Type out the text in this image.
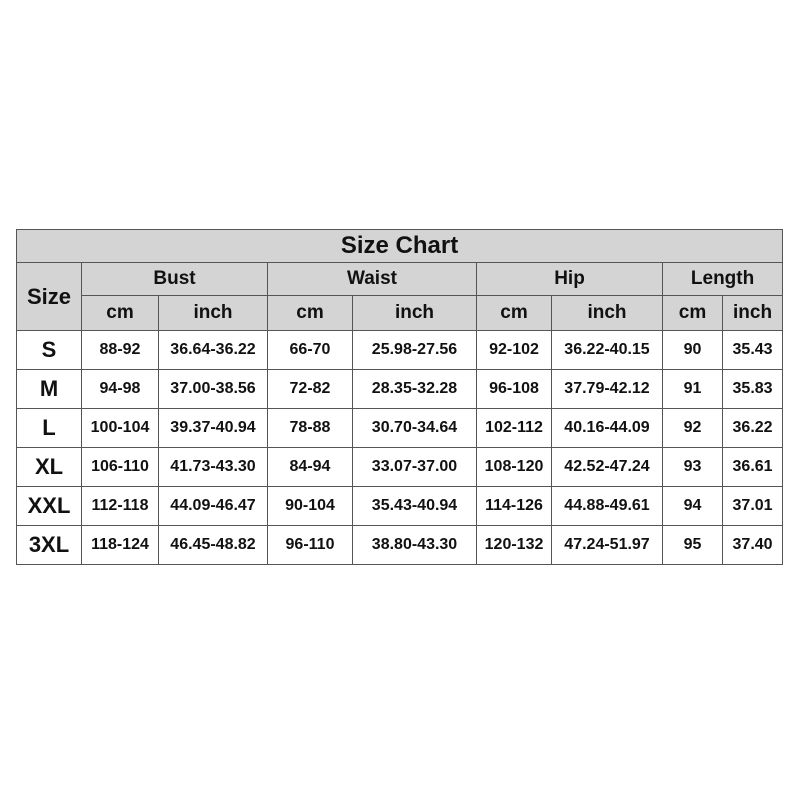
Size Chart								
Size	Bust		Waist		Hip		Length	
	cm	inch	cm	inch	cm	inch	cm	inch
S	88-92	36.64-36.22	66-70	25.98-27.56	92-102	36.22-40.15	90	35.43
M	94-98	37.00-38.56	72-82	28.35-32.28	96-108	37.79-42.12	91	35.83
L	100-104	39.37-40.94	78-88	30.70-34.64	102-112	40.16-44.09	92	36.22
XL	106-110	41.73-43.30	84-94	33.07-37.00	108-120	42.52-47.24	93	36.61
XXL	112-118	44.09-46.47	90-104	35.43-40.94	114-126	44.88-49.61	94	37.01
3XL	118-124	46.45-48.82	96-110	38.80-43.30	120-132	47.24-51.97	95	37.40
